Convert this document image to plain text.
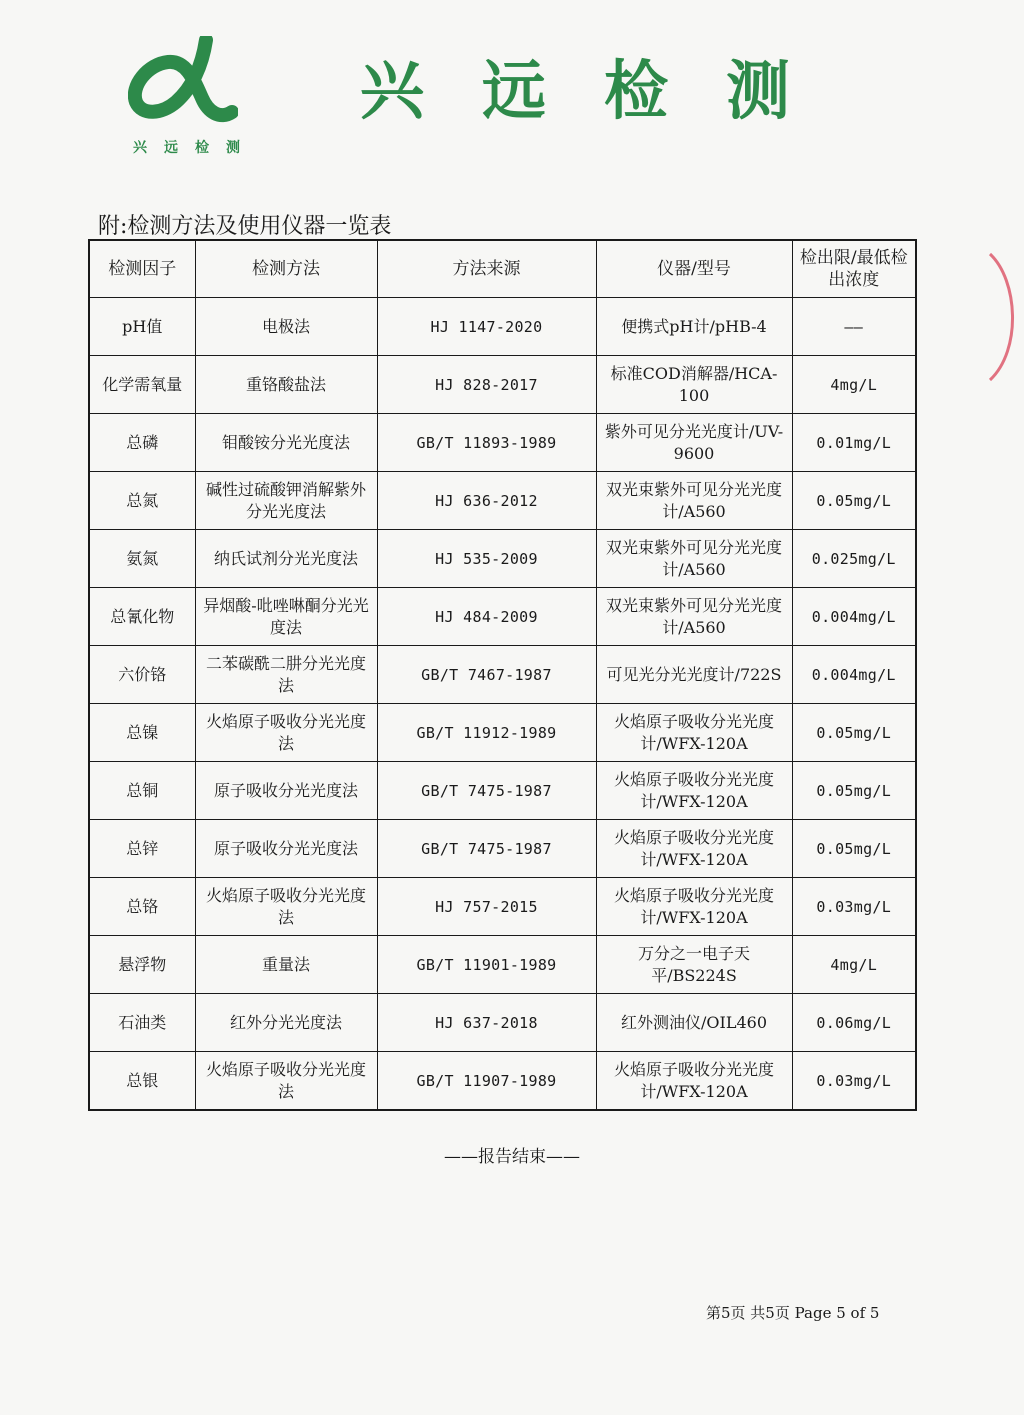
兴远检测
兴远检测
附:检测方法及使用仪器一览表
检测因子	检测方法	方法来源	仪器/型号	检出限/最低检出浓度
pH值	电极法	HJ 1147-2020	便携式pH计/pHB-4	——
化学需氧量	重铬酸盐法	HJ 828-2017	标准COD消解器/HCA-100	4mg/L
总磷	钼酸铵分光光度法	GB/T 11893-1989	紫外可见分光光度计/UV-9600	0.01mg/L
总氮	碱性过硫酸钾消解紫外分光光度法	HJ 636-2012	双光束紫外可见分光光度计/A560	0.05mg/L
氨氮	纳氏试剂分光光度法	HJ 535-2009	双光束紫外可见分光光度计/A560	0.025mg/L
总氰化物	异烟酸-吡唑啉酮分光光度法	HJ 484-2009	双光束紫外可见分光光度计/A560	0.004mg/L
六价铬	二苯碳酰二肼分光光度法	GB/T 7467-1987	可见光分光光度计/722S	0.004mg/L
总镍	火焰原子吸收分光光度法	GB/T 11912-1989	火焰原子吸收分光光度计/WFX-120A	0.05mg/L
总铜	原子吸收分光光度法	GB/T 7475-1987	火焰原子吸收分光光度计/WFX-120A	0.05mg/L
总锌	原子吸收分光光度法	GB/T 7475-1987	火焰原子吸收分光光度计/WFX-120A	0.05mg/L
总铬	火焰原子吸收分光光度法	HJ 757-2015	火焰原子吸收分光光度计/WFX-120A	0.03mg/L
悬浮物	重量法	GB/T 11901-1989	万分之一电子天平/BS224S	4mg/L
石油类	红外分光光度法	HJ 637-2018	红外测油仪/OIL460	0.06mg/L
总银	火焰原子吸收分光光度法	GB/T 11907-1989	火焰原子吸收分光光度计/WFX-120A	0.03mg/L
——报告结束——
第5页 共5页 Page 5 of 5
